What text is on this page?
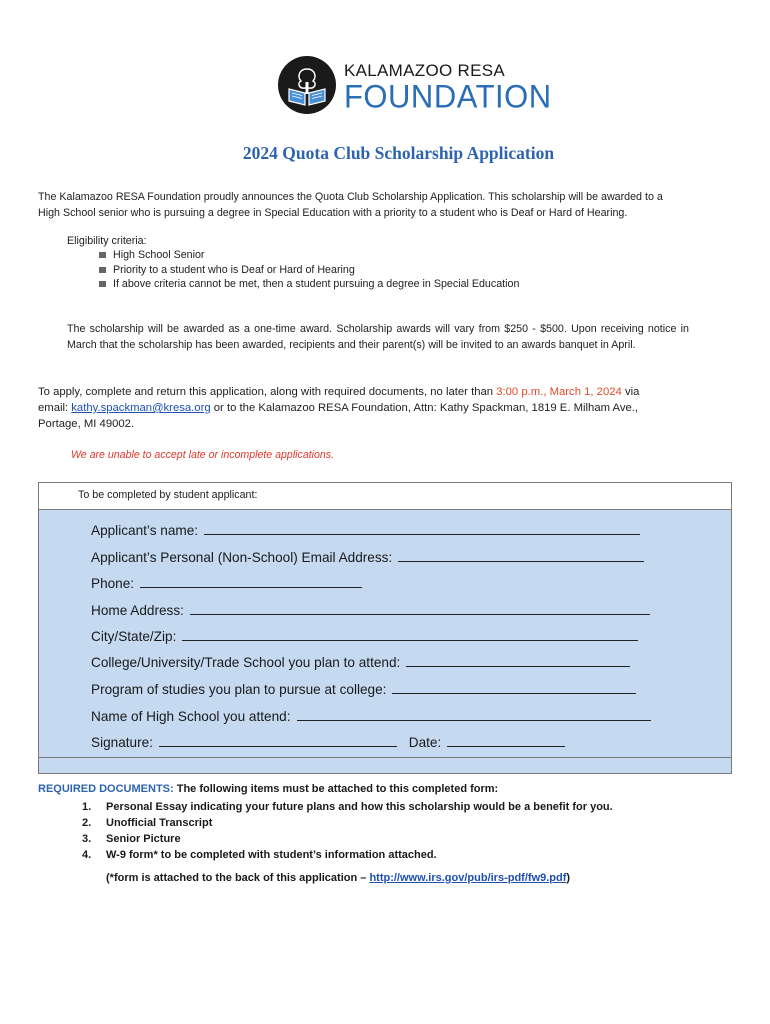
KALAMAZOO RESA
FOUNDATION
2024 Quota Club Scholarship Application
The Kalamazoo RESA Foundation proudly announces the Quota Club Scholarship Application. This scholarship will be awarded to a
High School senior who is pursuing a degree in Special Education with a priority to a student who is Deaf or Hard of Hearing.
Eligibility criteria:
High School Senior
Priority to a student who is Deaf or Hard of Hearing
If above criteria cannot be met, then a student pursuing a degree in Special Education
The scholarship will be awarded as a one-time award. Scholarship awards will vary from $250 - $500. Upon receiving notice in March that the scholarship has been awarded, recipients and their parent(s) will be invited to an awards banquet in April.
To apply, complete and return this application, along with required documents, no later than 3:00 p.m., March 1, 2024 via
email: kathy.spackman@kresa.org or to the Kalamazoo RESA Foundation, Attn: Kathy Spackman, 1819 E. Milham Ave.,
Portage, MI 49002.
We are unable to accept late or incomplete applications.
To be completed by student applicant:
Applicant’s name:
Applicant’s Personal (Non-School) Email Address:
Phone:
Home Address:
City/State/Zip:
College/University/Trade School you plan to attend:
Program of studies you plan to pursue at college:
Name of High School you attend:
Signature:	Date:
REQUIRED DOCUMENTS: The following items must be attached to this completed form:
1. Personal Essay indicating your future plans and how this scholarship would be a benefit for you.
2. Unofficial Transcript
3. Senior Picture
4. W-9 form* to be completed with student’s information attached.
(*form is attached to the back of this application – http://www.irs.gov/pub/irs-pdf/fw9.pdf)
